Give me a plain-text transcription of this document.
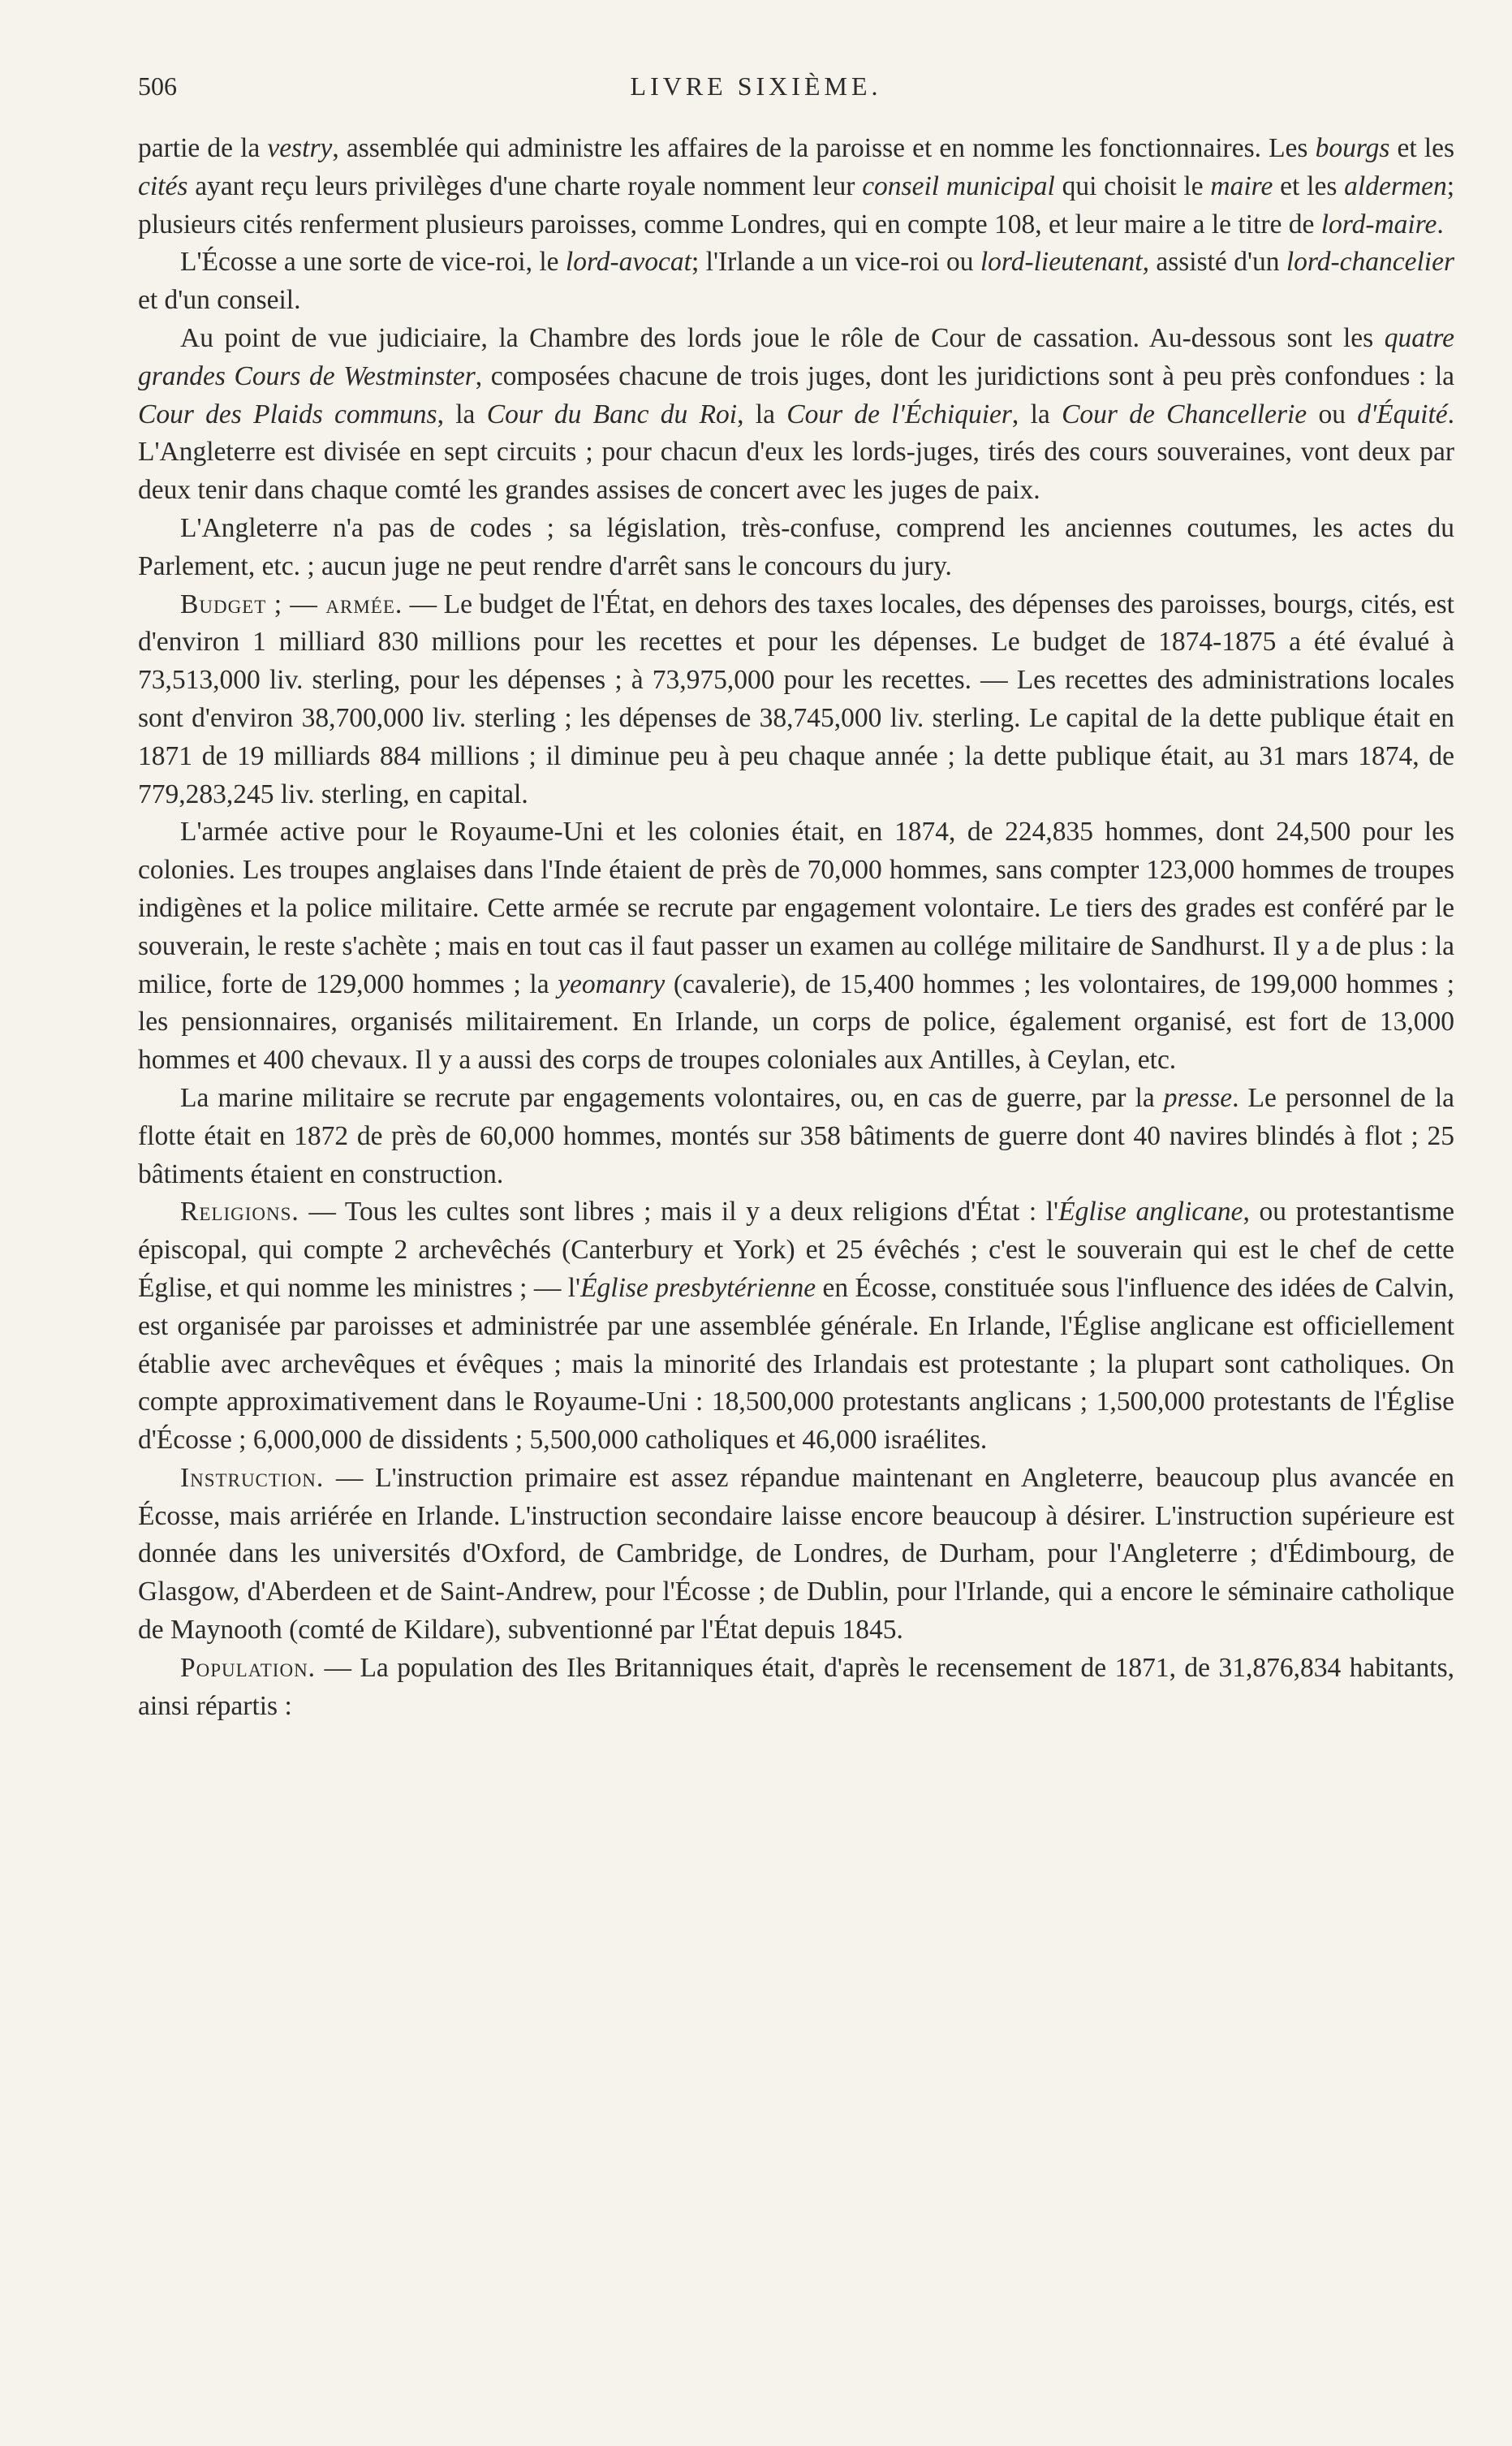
506	LIVRE SIXIÈME.

partie de la vestry, assemblée qui administre les affaires de la paroisse et en nomme les fonctionnaires. Les bourgs et les cités ayant reçu leurs privilèges d'une charte royale nomment leur conseil municipal qui choisit le maire et les aldermen; plusieurs cités renferment plusieurs paroisses, comme Londres, qui en compte 108, et leur maire a le titre de lord-maire.

L'Écosse a une sorte de vice-roi, le lord-avocat; l'Irlande a un vice-roi ou lord-lieutenant, assisté d'un lord-chancelier et d'un conseil.

Au point de vue judiciaire, la Chambre des lords joue le rôle de Cour de cassation. Au-dessous sont les quatre grandes Cours de Westminster, composées chacune de trois juges, dont les juridictions sont à peu près confondues : la Cour des Plaids communs, la Cour du Banc du Roi, la Cour de l'Échiquier, la Cour de Chancellerie ou d'Équité. L'Angleterre est divisée en sept circuits ; pour chacun d'eux les lords-juges, tirés des cours souveraines, vont deux par deux tenir dans chaque comté les grandes assises de concert avec les juges de paix.

L'Angleterre n'a pas de codes ; sa législation, très-confuse, comprend les anciennes coutumes, les actes du Parlement, etc. ; aucun juge ne peut rendre d'arrêt sans le concours du jury.

Budget ; — armée. — Le budget de l'État, en dehors des taxes locales, des dépenses des paroisses, bourgs, cités, est d'environ 1 milliard 830 millions pour les recettes et pour les dépenses. Le budget de 1874-1875 a été évalué à 73,513,000 liv. sterling, pour les dépenses ; à 73,975,000 pour les recettes. — Les recettes des administrations locales sont d'environ 38,700,000 liv. sterling ; les dépenses de 38,745,000 liv. sterling. Le capital de la dette publique était en 1871 de 19 milliards 884 millions ; il diminue peu à peu chaque année ; la dette publique était, au 31 mars 1874, de 779,283,245 liv. sterling, en capital.

L'armée active pour le Royaume-Uni et les colonies était, en 1874, de 224,835 hommes, dont 24,500 pour les colonies. Les troupes anglaises dans l'Inde étaient de près de 70,000 hommes, sans compter 123,000 hommes de troupes indigènes et la police militaire. Cette armée se recrute par engagement volontaire. Le tiers des grades est conféré par le souverain, le reste s'achète ; mais en tout cas il faut passer un examen au collége militaire de Sandhurst. Il y a de plus : la milice, forte de 129,000 hommes ; la yeomanry (cavalerie), de 15,400 hommes ; les volontaires, de 199,000 hommes ; les pensionnaires, organisés militairement. En Irlande, un corps de police, également organisé, est fort de 13,000 hommes et 400 chevaux. Il y a aussi des corps de troupes coloniales aux Antilles, à Ceylan, etc.

La marine militaire se recrute par engagements volontaires, ou, en cas de guerre, par la presse. Le personnel de la flotte était en 1872 de près de 60,000 hommes, montés sur 358 bâtiments de guerre dont 40 navires blindés à flot ; 25 bâtiments étaient en construction.

Religions. — Tous les cultes sont libres ; mais il y a deux religions d'État : l'Église anglicane, ou protestantisme épiscopal, qui compte 2 archevêchés (Canterbury et York) et 25 évêchés ; c'est le souverain qui est le chef de cette Église, et qui nomme les ministres ; — l'Église presbytérienne en Écosse, constituée sous l'influence des idées de Calvin, est organisée par paroisses et administrée par une assemblée générale. En Irlande, l'Église anglicane est officiellement établie avec archevêques et évêques ; mais la minorité des Irlandais est protestante ; la plupart sont catholiques. On compte approximativement dans le Royaume-Uni : 18,500,000 protestants anglicans ; 1,500,000 protestants de l'Église d'Écosse ; 6,000,000 de dissidents ; 5,500,000 catholiques et 46,000 israélites.

Instruction. — L'instruction primaire est assez répandue maintenant en Angleterre, beaucoup plus avancée en Écosse, mais arriérée en Irlande. L'instruction secondaire laisse encore beaucoup à désirer. L'instruction supérieure est donnée dans les universités d'Oxford, de Cambridge, de Londres, de Durham, pour l'Angleterre ; d'Édimbourg, de Glasgow, d'Aberdeen et de Saint-Andrew, pour l'Écosse ; de Dublin, pour l'Irlande, qui a encore le séminaire catholique de Maynooth (comté de Kildare), subventionné par l'État depuis 1845.

Population. — La population des Iles Britanniques était, d'après le recensement de 1871, de 31,876,834 habitants, ainsi répartis :
